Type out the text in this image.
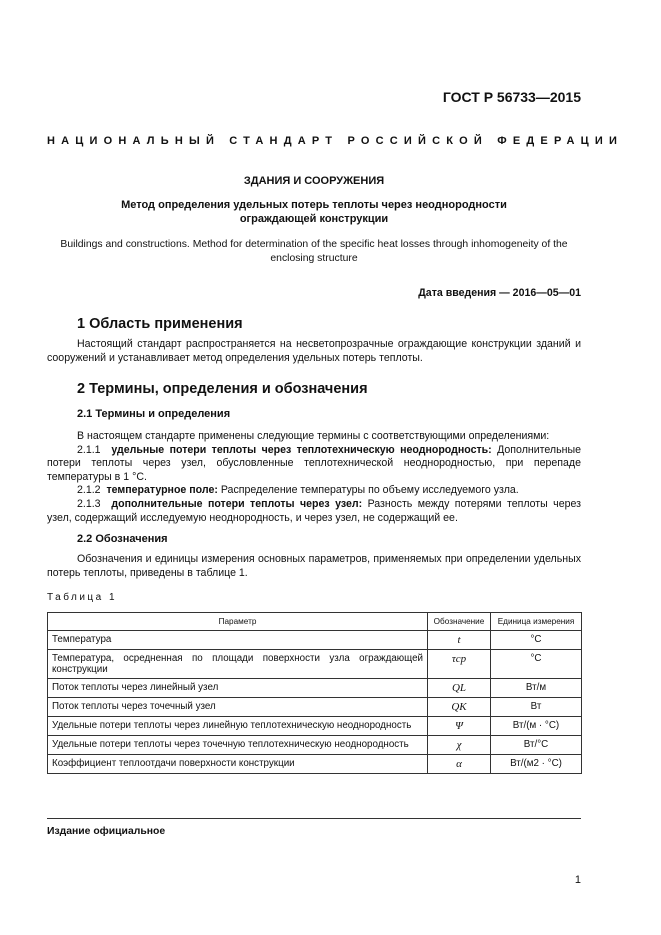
ГОСТ Р 56733—2015
НАЦИОНАЛЬНЫЙ СТАНДАРТ РОССИЙСКОЙ ФЕДЕРАЦИИ
ЗДАНИЯ И СООРУЖЕНИЯ
Метод определения удельных потерь теплоты через неоднородности ограждающей конструкции
Buildings and constructions. Method for determination of the specific heat losses through inhomogeneity of the enclosing structure
Дата введения — 2016—05—01
1 Область применения
Настоящий стандарт распространяется на несветопрозрачные ограждающие конструкции зданий и сооружений и устанавливает метод определения удельных потерь теплоты.
2 Термины, определения и обозначения
2.1 Термины и определения
В настоящем стандарте применены следующие термины с соответствующими определениями:
2.1.1 удельные потери теплоты через теплотехническую неоднородность: Дополнительные потери теплоты через узел, обусловленные теплотехнической неоднородностью, при перепаде температуры в 1 °С.
2.1.2 температурное поле: Распределение температуры по объему исследуемого узла.
2.1.3 дополнительные потери теплоты через узел: Разность между потерями теплоты через узел, содержащий исследуемую неоднородность, и через узел, не содержащий ее.
2.2 Обозначения
Обозначения и единицы измерения основных параметров, применяемых при определении удельных потерь теплоты, приведены в таблице 1.
Таблица 1
Параметр	Обозначение	Единица измерения
Температура	t	°С
Температура, осредненная по площади поверхности узла ограждающей конструкции	τср	°С
Поток теплоты через линейный узел	QL	Вт/м
Поток теплоты через точечный узел	QK	Вт
Удельные потери теплоты через линейную теплотехническую неоднородность	Ψ	Вт/(м · °С)
Удельные потери теплоты через точечную теплотехническую неоднородность	χ	Вт/°С
Коэффициент теплоотдачи поверхности конструкции	α	Вт/(м2 · °С)
Издание официальное
1
